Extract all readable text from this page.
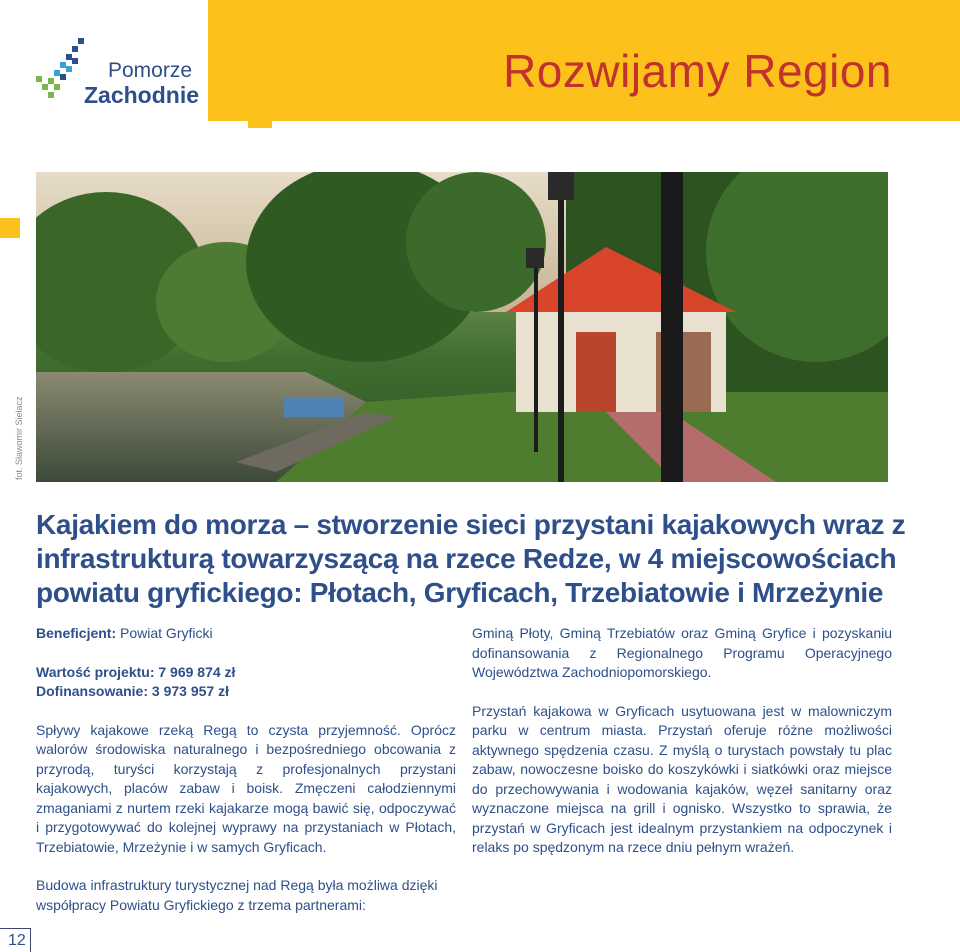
Rozwijamy Region
Pomorze
Zachodnie
fot. Sławomir Siełacz
Kajakiem do morza – stworzenie sieci przystani kajakowych wraz z infrastrukturą towarzyszącą na rzece Redze, w 4 miejscowościach powiatu gryfickiego: Płotach, Gryficach, Trzebiatowie i Mrzeżynie

Beneficjent: Powiat Gryficki

Wartość projektu: 7 969 874 zł

Dofinansowanie: 3 973 957 zł

Spływy kajakowe rzeką Regą to czysta przyjemność. Oprócz walorów środowiska naturalnego i bezpośredniego obcowania z przyrodą, turyści korzystają z profesjonalnych przystani kajakowych, placów zabaw i boisk. Zmęczeni całodziennymi zmaganiami z nurtem rzeki kajakarze mogą bawić się, odpoczywać i przygotowywać do kolejnej wyprawy na przystaniach w Płotach, Trzebiatowie, Mrzeżynie i w samych Gryficach.

Budowa infrastruktury turystycznej nad Regą była możliwa dzięki współpracy Powiatu Gryfickiego z trzema partnerami:

Gminą Płoty, Gminą Trzebiatów oraz Gminą Gryfice i pozyskaniu dofinansowania z Regionalnego Programu Operacyjnego Województwa Zachodniopomorskiego.

Przystań kajakowa w Gryficach usytuowana jest w malowniczym parku w centrum miasta. Przystań oferuje różne możliwości aktywnego spędzenia czasu. Z myślą o turystach powstały tu plac zabaw, nowoczesne boisko do koszykówki i siatkówki oraz miejsce do przechowywania i wodowania kajaków, węzeł sanitarny oraz wyznaczone miejsca na grill i ognisko. Wszystko to sprawia, że przystań w Gryficach jest idealnym przystankiem na odpoczynek i relaks po spędzonym na rzece dniu pełnym wrażeń.

12
